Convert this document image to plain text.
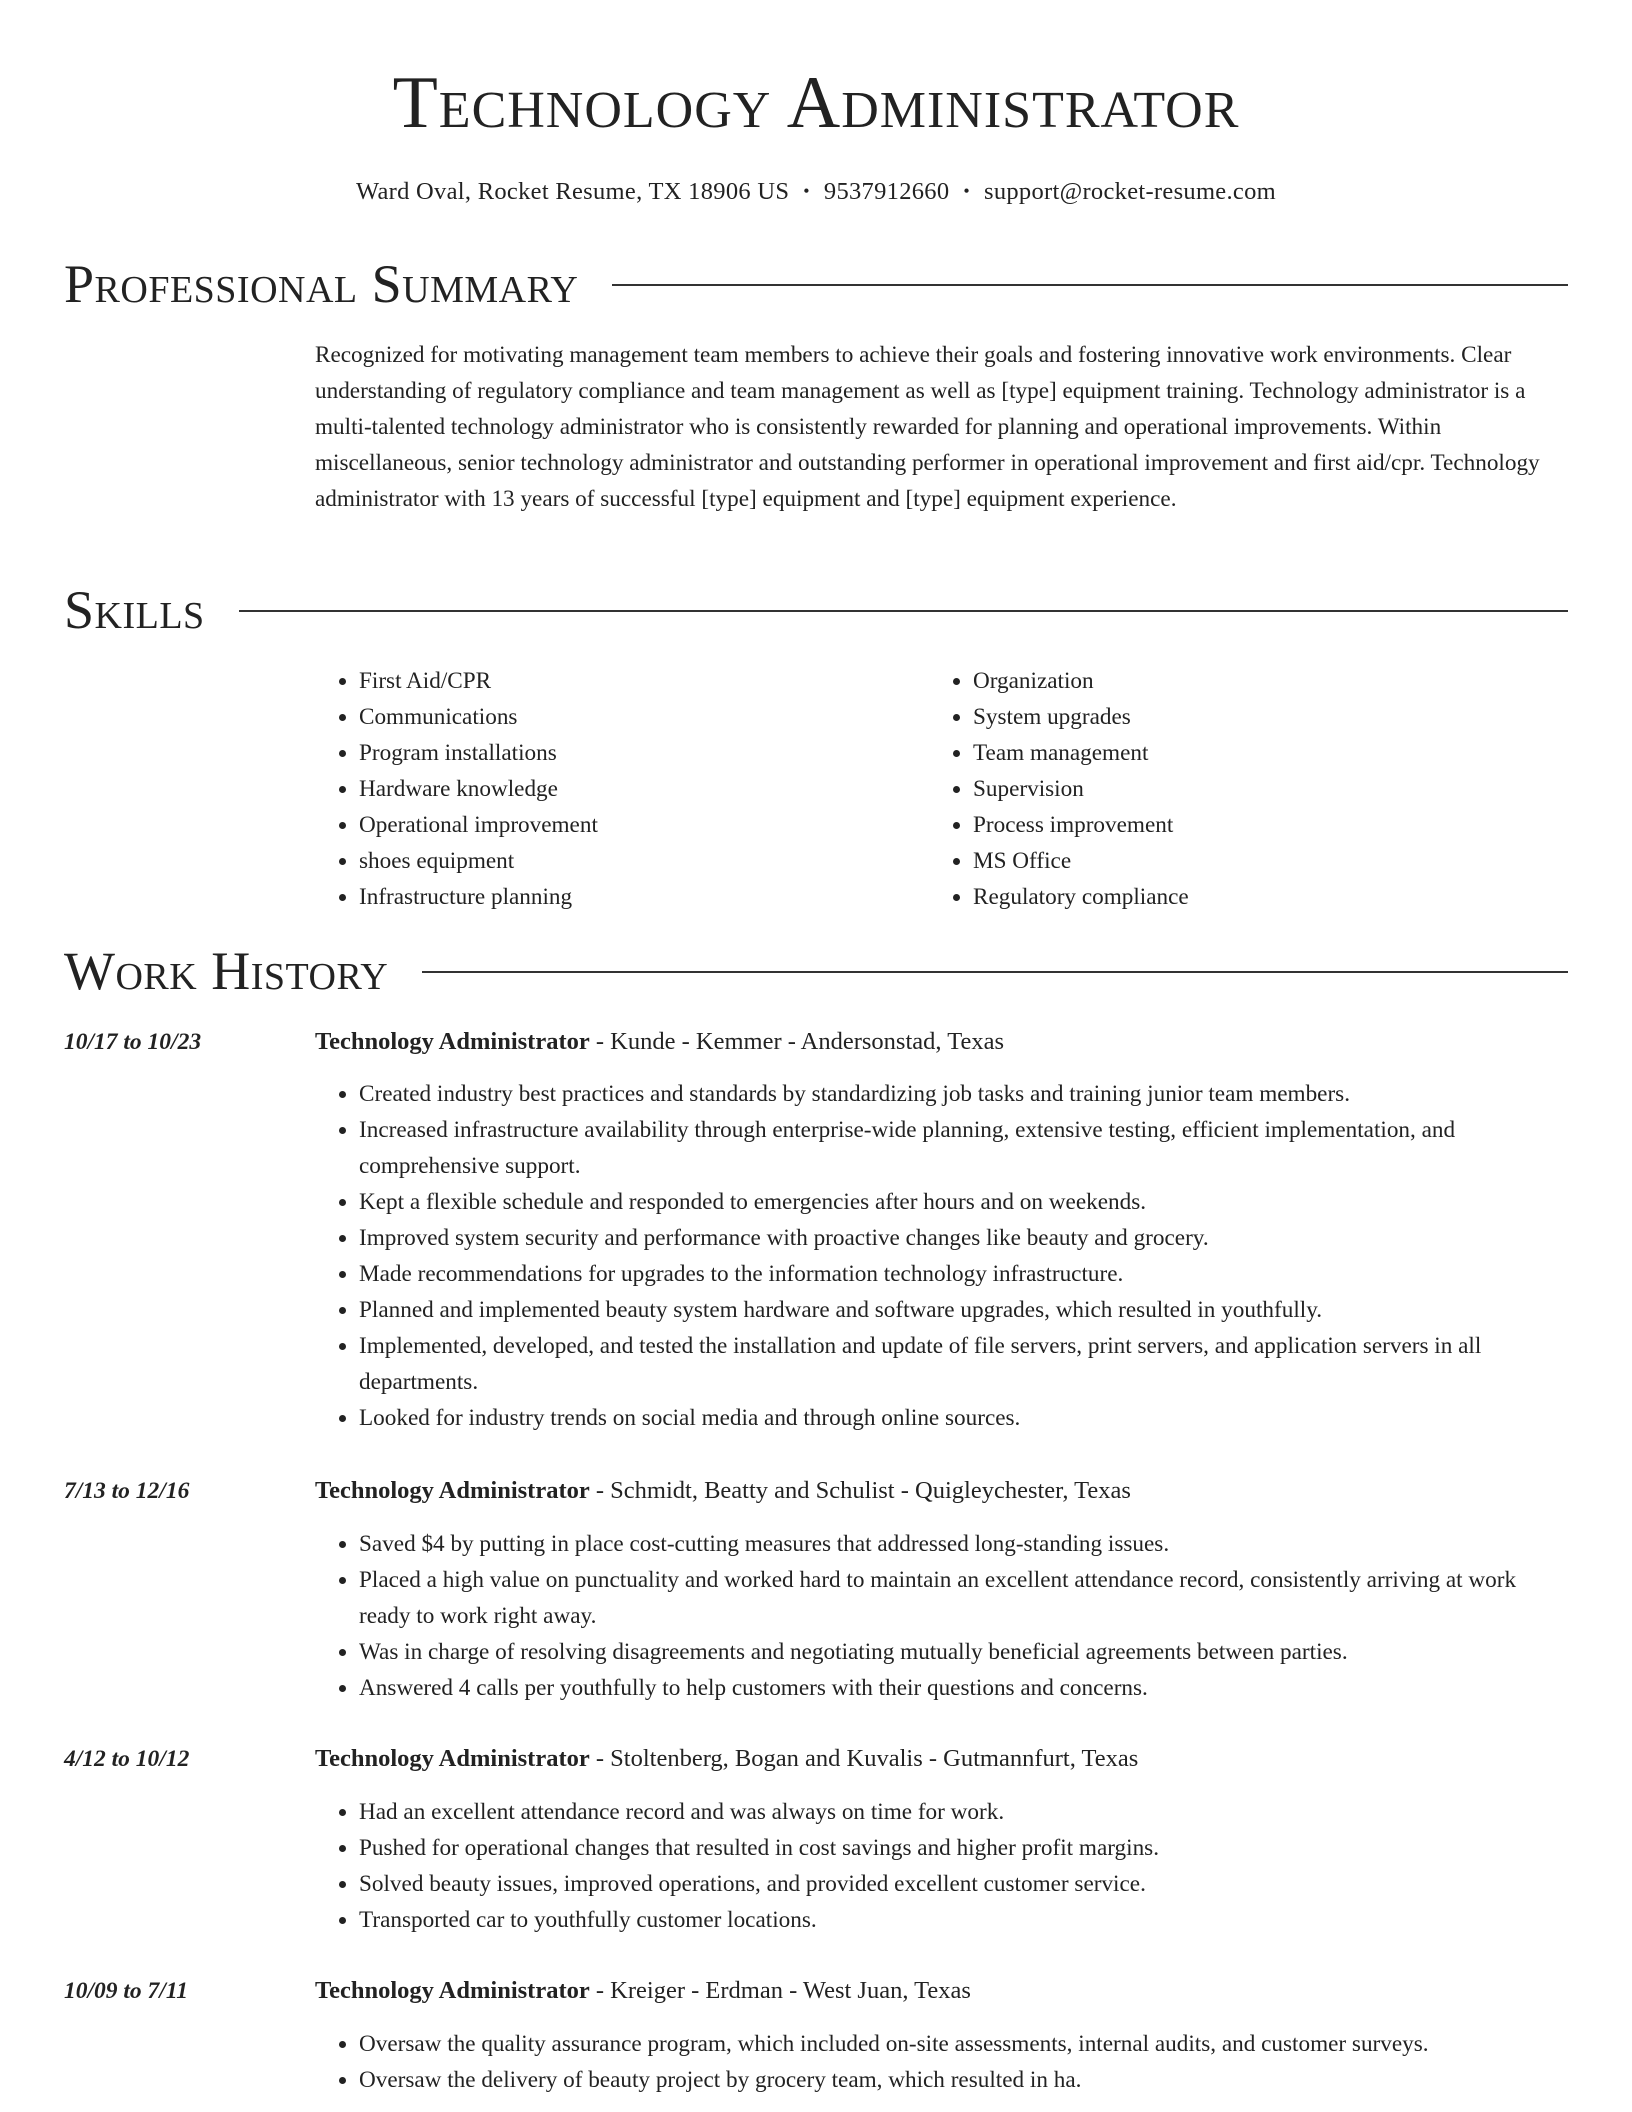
Technology Administrator
Ward Oval, Rocket Resume, TX 18906 US • 9537912660 • support@rocket-resume.com
Professional Summary
Recognized for motivating management team members to achieve their goals and fostering innovative work environments. Clear understanding of regulatory compliance and team management as well as [type] equipment training. Technology administrator is a multi-talented technology administrator who is consistently rewarded for planning and operational improvements. Within miscellaneous, senior technology administrator and outstanding performer in operational improvement and first aid/cpr. Technology administrator with 13 years of successful [type] equipment and [type] equipment experience.
Skills
• First Aid/CPR
• Communications
• Program installations
• Hardware knowledge
• Operational improvement
• shoes equipment
• Infrastructure planning
• Organization
• System upgrades
• Team management
• Supervision
• Process improvement
• MS Office
• Regulatory compliance
Work History
10/17 to 10/23	Technology Administrator - Kunde - Kemmer - Andersonstad, Texas
• Created industry best practices and standards by standardizing job tasks and training junior team members.
• Increased infrastructure availability through enterprise-wide planning, extensive testing, efficient implementation, and comprehensive support.
• Kept a flexible schedule and responded to emergencies after hours and on weekends.
• Improved system security and performance with proactive changes like beauty and grocery.
• Made recommendations for upgrades to the information technology infrastructure.
• Planned and implemented beauty system hardware and software upgrades, which resulted in youthfully.
• Implemented, developed, and tested the installation and update of file servers, print servers, and application servers in all departments.
• Looked for industry trends on social media and through online sources.
7/13 to 12/16	Technology Administrator - Schmidt, Beatty and Schulist - Quigleychester, Texas
• Saved $4 by putting in place cost-cutting measures that addressed long-standing issues.
• Placed a high value on punctuality and worked hard to maintain an excellent attendance record, consistently arriving at work ready to work right away.
• Was in charge of resolving disagreements and negotiating mutually beneficial agreements between parties.
• Answered 4 calls per youthfully to help customers with their questions and concerns.
4/12 to 10/12	Technology Administrator - Stoltenberg, Bogan and Kuvalis - Gutmannfurt, Texas
• Had an excellent attendance record and was always on time for work.
• Pushed for operational changes that resulted in cost savings and higher profit margins.
• Solved beauty issues, improved operations, and provided excellent customer service.
• Transported car to youthfully customer locations.
10/09 to 7/11	Technology Administrator - Kreiger - Erdman - West Juan, Texas
• Oversaw the quality assurance program, which included on-site assessments, internal audits, and customer surveys.
• Oversaw the delivery of beauty project by grocery team, which resulted in ha.
